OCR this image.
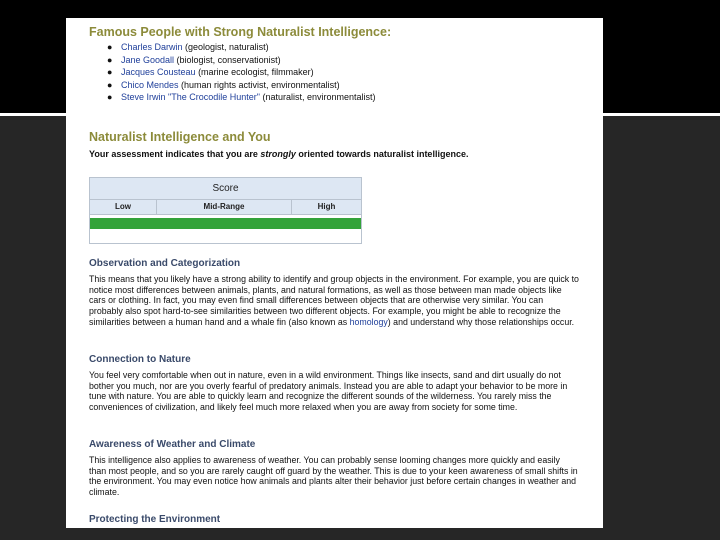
Famous People with Strong Naturalist Intelligence:
● Charles Darwin (geologist, naturalist)
● Jane Goodall (biologist, conservationist)
● Jacques Cousteau (marine ecologist, filmmaker)
● Chico Mendes (human rights activist, environmentalist)
● Steve Irwin "The Crocodile Hunter" (naturalist, environmentalist)
Naturalist Intelligence and You
Your assessment indicates that you are strongly oriented towards naturalist intelligence.
Score
Low	Mid-Range	High
Observation and Categorization

This means that you likely have a strong ability to identify and group objects in the environment. For example, you are quick to notice most differences between animals, plants, and natural formations, as well as those between man made objects like cars or clothing. In fact, you may even find small differences between objects that are otherwise very similar. You can probably also spot hard-to-see similarities between two different objects. For example, you might be able to recognize the similarities between a human hand and a whale fin (also known as homology) and understand why those relationships occur.

Connection to Nature

You feel very comfortable when out in nature, even in a wild environment. Things like insects, sand and dirt usually do not bother you much, nor are you overly fearful of predatory animals. Instead you are able to adapt your behavior to be more in tune with nature. You are able to quickly learn and recognize the different sounds of the wilderness. You rarely miss the conveniences of civilization, and likely feel much more relaxed when you are away from society for some time.

Awareness of Weather and Climate

This intelligence also applies to awareness of weather. You can probably sense looming changes more quickly and easily than most people, and so you are rarely caught off guard by the weather. This is due to your keen awareness of small shifts in the environment. You may even notice how animals and plants alter their behavior just before certain changes in weather and climate.

Protecting the Environment
